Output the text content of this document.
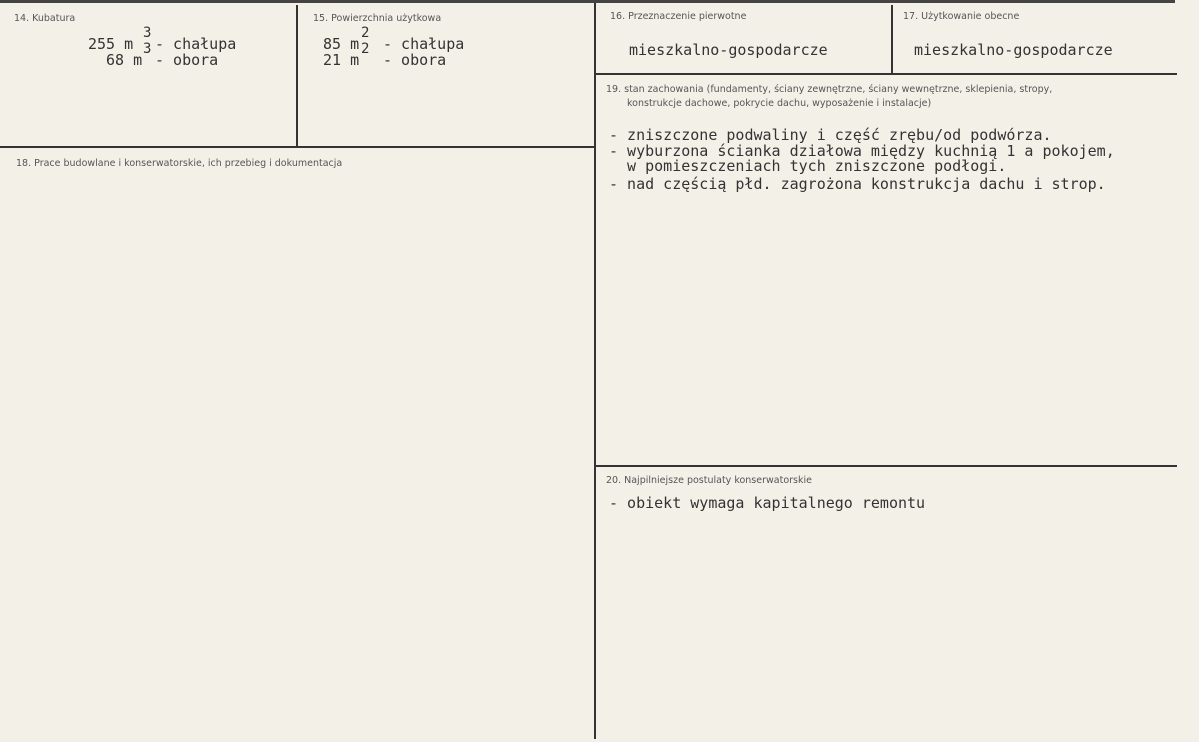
14. Kubatura
255 m
3
- chałupa
68 m
3
- obora
15. Powierzchnia użytkowa
85 m
2
- chałupa
21 m
2
- obora
16. Przeznaczenie pierwotne
mieszkalno-gospodarcze
17. Użytkowanie obecne
mieszkalno-gospodarcze
18. Prace budowlane i konserwatorskie, ich przebieg i dokumentacja
19. stan zachowania (fundamenty, ściany zewnętrzne, ściany wewnętrzne, sklepienia, stropy,
konstrukcje dachowe, pokrycie dachu, wyposażenie i instalacje)
- zniszczone podwaliny i część zrębu/od podwórza.
- wyburzona ścianka działowa między kuchnią 1 a pokojem,
w pomieszczeniach tych zniszczone podłogi.
- nad częścią płd. zagrożona konstrukcja dachu i strop.
20. Najpilniejsze postulaty konserwatorskie
- obiekt wymaga kapitalnego remontu
